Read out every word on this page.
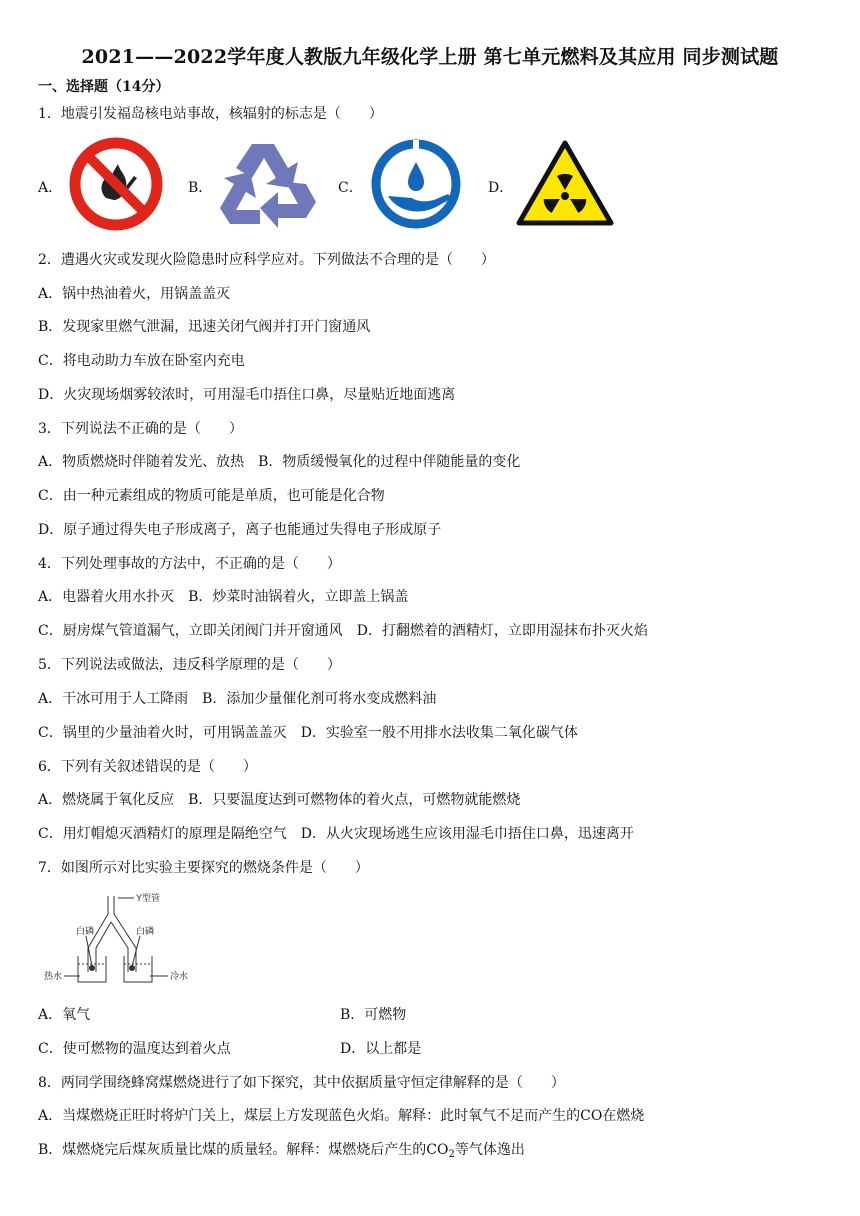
2021——2022学年度人教版九年级化学上册 第七单元燃料及其应用 同步测试题
一、选择题（14分）
1．地震引发福岛核电站事故，核辐射的标志是（　　）
A．	B．	C．	D．
2．遭遇火灾或发现火险隐患时应科学应对。下列做法不合理的是（　　）
A．锅中热油着火，用锅盖盖灭
B．发现家里燃气泄漏，迅速关闭气阀并打开门窗通风
C．将电动助力车放在卧室内充电
D．火灾现场烟雾较浓时，可用湿毛巾捂住口鼻，尽量贴近地面逃离
3．下列说法不正确的是（　　）
A．物质燃烧时伴随着发光、放热　B．物质缓慢氧化的过程中伴随能量的变化
C．由一种元素组成的物质可能是单质，也可能是化合物
D．原子通过得失电子形成离子，离子也能通过失得电子形成原子
4．下列处理事故的方法中，不正确的是（　　）
A．电器着火用水扑灭　B．炒菜时油锅着火，立即盖上锅盖
C．厨房煤气管道漏气，立即关闭阀门并开窗通风　D．打翻燃着的酒精灯，立即用湿抹布扑灭火焰
5．下列说法或做法，违反科学原理的是（　　）
A．干冰可用于人工降雨　B．添加少量催化剂可将水变成燃料油
C．锅里的少量油着火时，可用锅盖盖灭　D．实验室一般不用排水法收集二氧化碳气体
6．下列有关叙述错误的是（　　）
A．燃烧属于氧化反应　B．只要温度达到可燃物体的着火点，可燃物就能燃烧
C．用灯帽熄灭酒精灯的原理是隔绝空气　D．从火灾现场逃生应该用湿毛巾捂住口鼻，迅速离开
7．如图所示对比实验主要探究的燃烧条件是（　　）
Y型管
白磷	白磷
热水	冷水
A．氧气	B．可燃物
C．使可燃物的温度达到着火点	D．以上都是
8．两同学围绕蜂窝煤燃烧进行了如下探究，其中依据质量守恒定律解释的是（　　）
A．当煤燃烧正旺时将炉门关上，煤层上方发现蓝色火焰。解释：此时氧气不足而产生的CO在燃烧
B．煤燃烧完后煤灰质量比煤的质量轻。解释：煤燃烧后产生的$CO_2$等气体逸出
